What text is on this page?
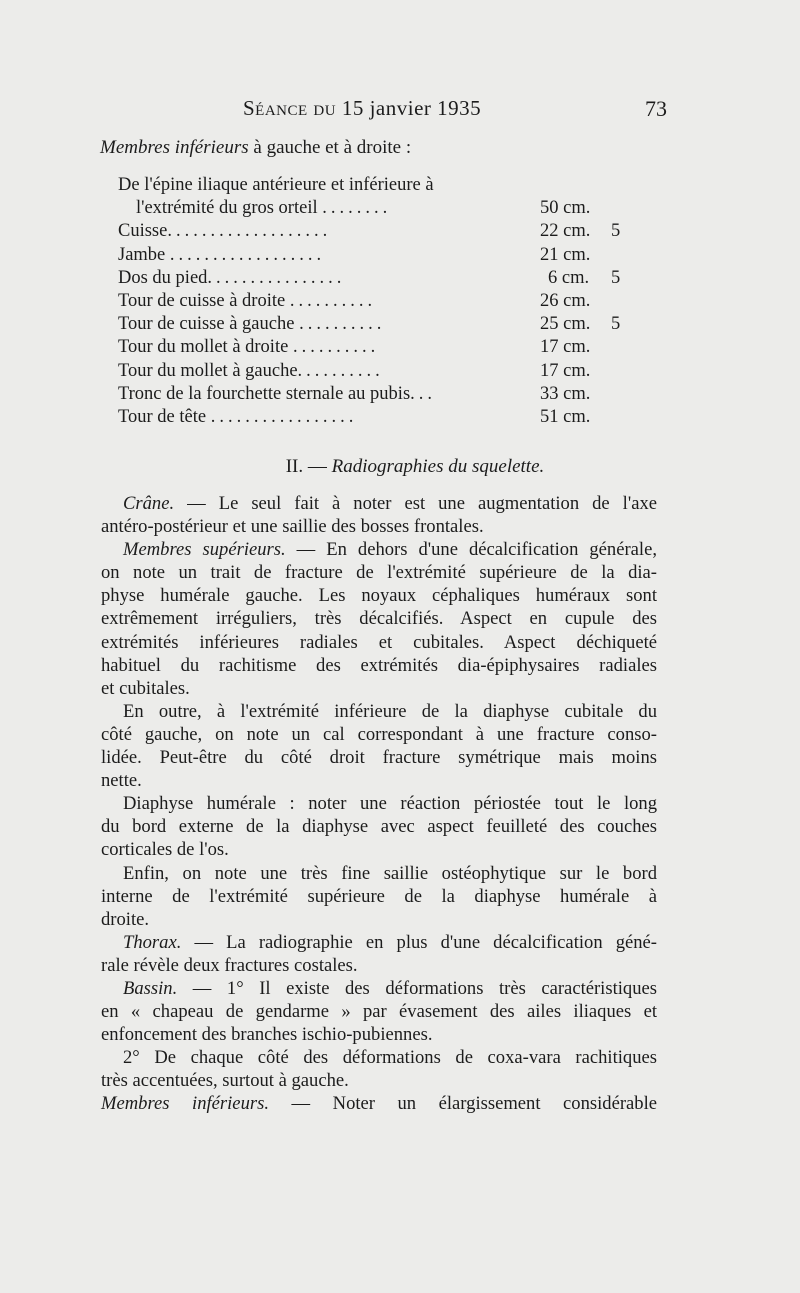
Séance du 15 janvier 1935	73
Membres inférieurs à gauche et à droite :
De l'épine iliaque antérieure et inférieure à
l'extrémité du gros orteil ........	50 cm.
Cuisse...................	22 cm. 5
Jambe ..................	21 cm.
Dos du pied................	6 cm. 5
Tour de cuisse à droite ..........	26 cm.
Tour de cuisse à gauche ..........	25 cm. 5
Tour du mollet à droite ..........	17 cm.
Tour du mollet à gauche..........	17 cm.
Tronc de la fourchette sternale au pubis...	33 cm.
Tour de tête .................	51 cm.
II. — Radiographies du squelette.
Crâne. — Le seul fait à noter est une augmentation de l'axe
antéro-postérieur et une saillie des bosses frontales.
Membres supérieurs. — En dehors d'une décalcification générale,
on note un trait de fracture de l'extrémité supérieure de la dia-
physe humérale gauche. Les noyaux céphaliques huméraux sont
extrêmement irréguliers, très décalcifiés. Aspect en cupule des
extrémités inférieures radiales et cubitales. Aspect déchiqueté
habituel du rachitisme des extrémités dia-épiphysaires radiales
et cubitales.
En outre, à l'extrémité inférieure de la diaphyse cubitale du
côté gauche, on note un cal correspondant à une fracture conso-
lidée. Peut-être du côté droit fracture symétrique mais moins
nette.
Diaphyse humérale : noter une réaction périostée tout le long
du bord externe de la diaphyse avec aspect feuilleté des couches
corticales de l'os.
Enfin, on note une très fine saillie ostéophytique sur le bord
interne de l'extrémité supérieure de la diaphyse humérale à
droite.
Thorax. — La radiographie en plus d'une décalcification géné-
rale révèle deux fractures costales.
Bassin. — 1° Il existe des déformations très caractéristiques
en « chapeau de gendarme » par évasement des ailes iliaques et
enfoncement des branches ischio-pubiennes.
2° De chaque côté des déformations de coxa-vara rachitiques
très accentuées, surtout à gauche.
Membres inférieurs. — Noter un élargissement considérable
